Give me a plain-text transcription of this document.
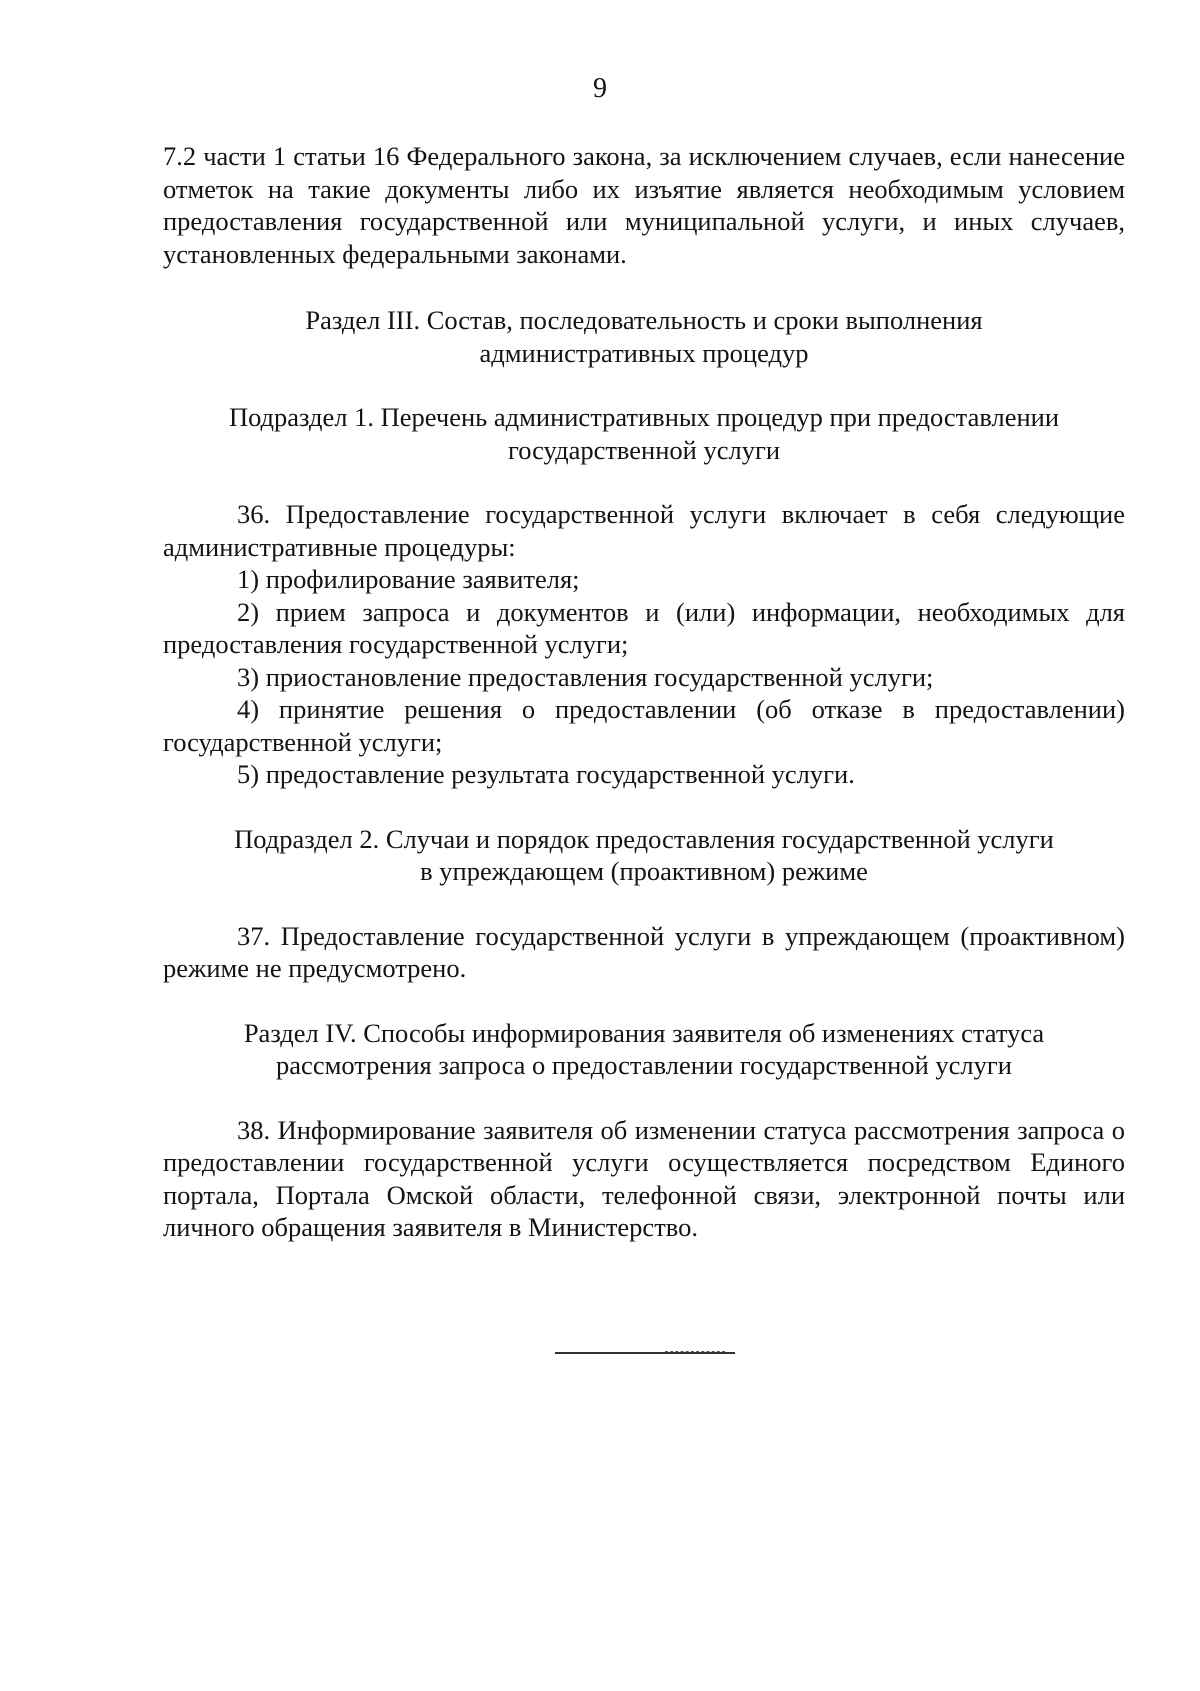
9

7.2 части 1 статьи 16 Федерального закона, за исключением случаев, если нанесение отметок на такие документы либо их изъятие является необходимым условием предоставления государственной или муниципальной услуги, и иных случаев, установленных федеральными законами.

Раздел III. Состав, последовательность и сроки выполнения

административных процедур

Подраздел 1. Перечень административных процедур при предоставлении

государственной услуги

36. Предоставление государственной услуги включает в себя следующие административные процедуры:

1) профилирование заявителя;

2) прием запроса и документов и (или) информации, необходимых для предоставления государственной услуги;

3) приостановление предоставления государственной услуги;

4) принятие решения о предоставлении (об отказе в предоставлении) государственной услуги;

5) предоставление результата государственной услуги.

Подраздел 2. Случаи и порядок предоставления государственной услуги

в упреждающем (проактивном) режиме

37. Предоставление государственной услуги в упреждающем (проактивном) режиме не предусмотрено.

Раздел IV. Способы информирования заявителя об изменениях статуса

рассмотрения запроса о предоставлении государственной услуги

38. Информирование заявителя об изменении статуса рассмотрения запроса о предоставлении государственной услуги осуществляется посредством Единого портала, Портала Омской области, телефонной связи, электронной почты или личного обращения заявителя в Министерство.
